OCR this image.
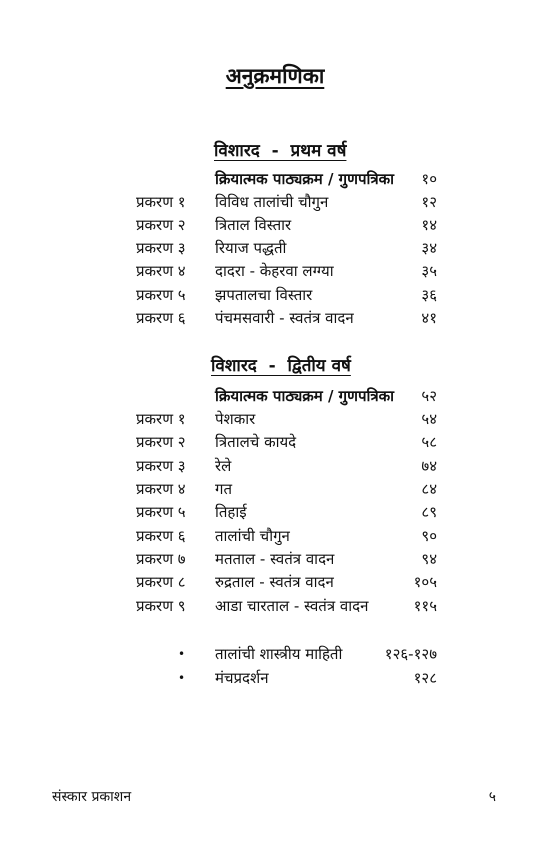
अनुक्रमणिका
विशारद  -  प्रथम वर्ष
क्रियात्मक पाठ्यक्रम / गुणपत्रिका १०
प्रकरण १ विविध तालांची चौगुन	१२
प्रकरण २ त्रिताल विस्तार	१४
प्रकरण ३ रियाज पद्धती	३४
प्रकरण ४ दादरा - केहरवा लग्ग्या	३५
प्रकरण ५ झपतालचा विस्तार	३६
प्रकरण ६ पंचमसवारी - स्वतंत्र वादन	४१
विशारद  -  द्वितीय वर्ष
क्रियात्मक पाठ्यक्रम / गुणपत्रिका ५२
प्रकरण १ पेशकार	५४
प्रकरण २ त्रितालचे कायदे	५८
प्रकरण ३ रेले	७४
प्रकरण ४ गत	८४
प्रकरण ५ तिहाई	८९
प्रकरण ६ तालांची चौगुन	९०
प्रकरण ७ मतताल - स्वतंत्र वादन	९४
प्रकरण ८ रुद्रताल - स्वतंत्र वादन	१०५
प्रकरण ९ आडा चारताल - स्वतंत्र वादन	११५
• तालांची शास्त्रीय माहिती	१२६-१२७
• मंचप्रदर्शन	१२८
संस्कार प्रकाशन	५
